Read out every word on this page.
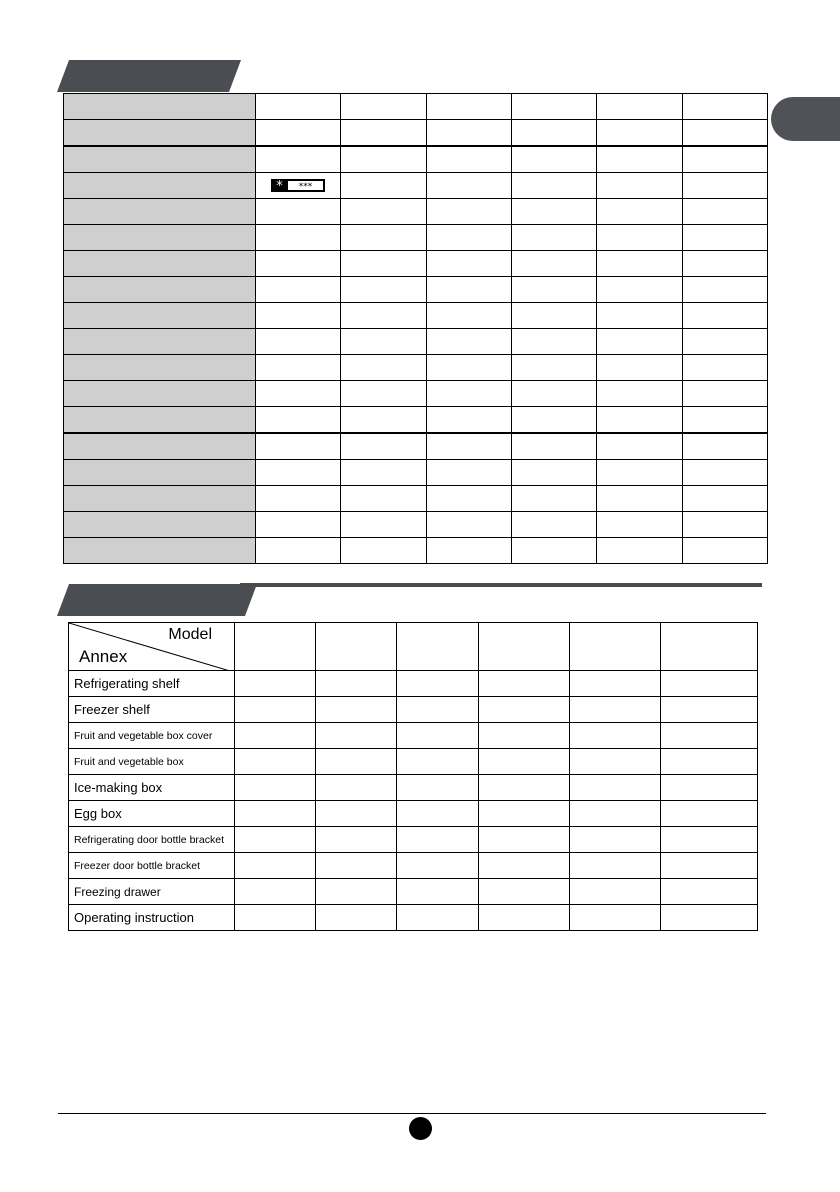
* ***					

Model
Annex						

Refrigerating shelf						
Freezer shelf						
Fruit and vegetable box cover						
Fruit and vegetable box						
Ice-making box						
Egg box						
Refrigerating door bottle bracket						
Freezer door bottle bracket						
Freezing drawer						
Operating instruction						
